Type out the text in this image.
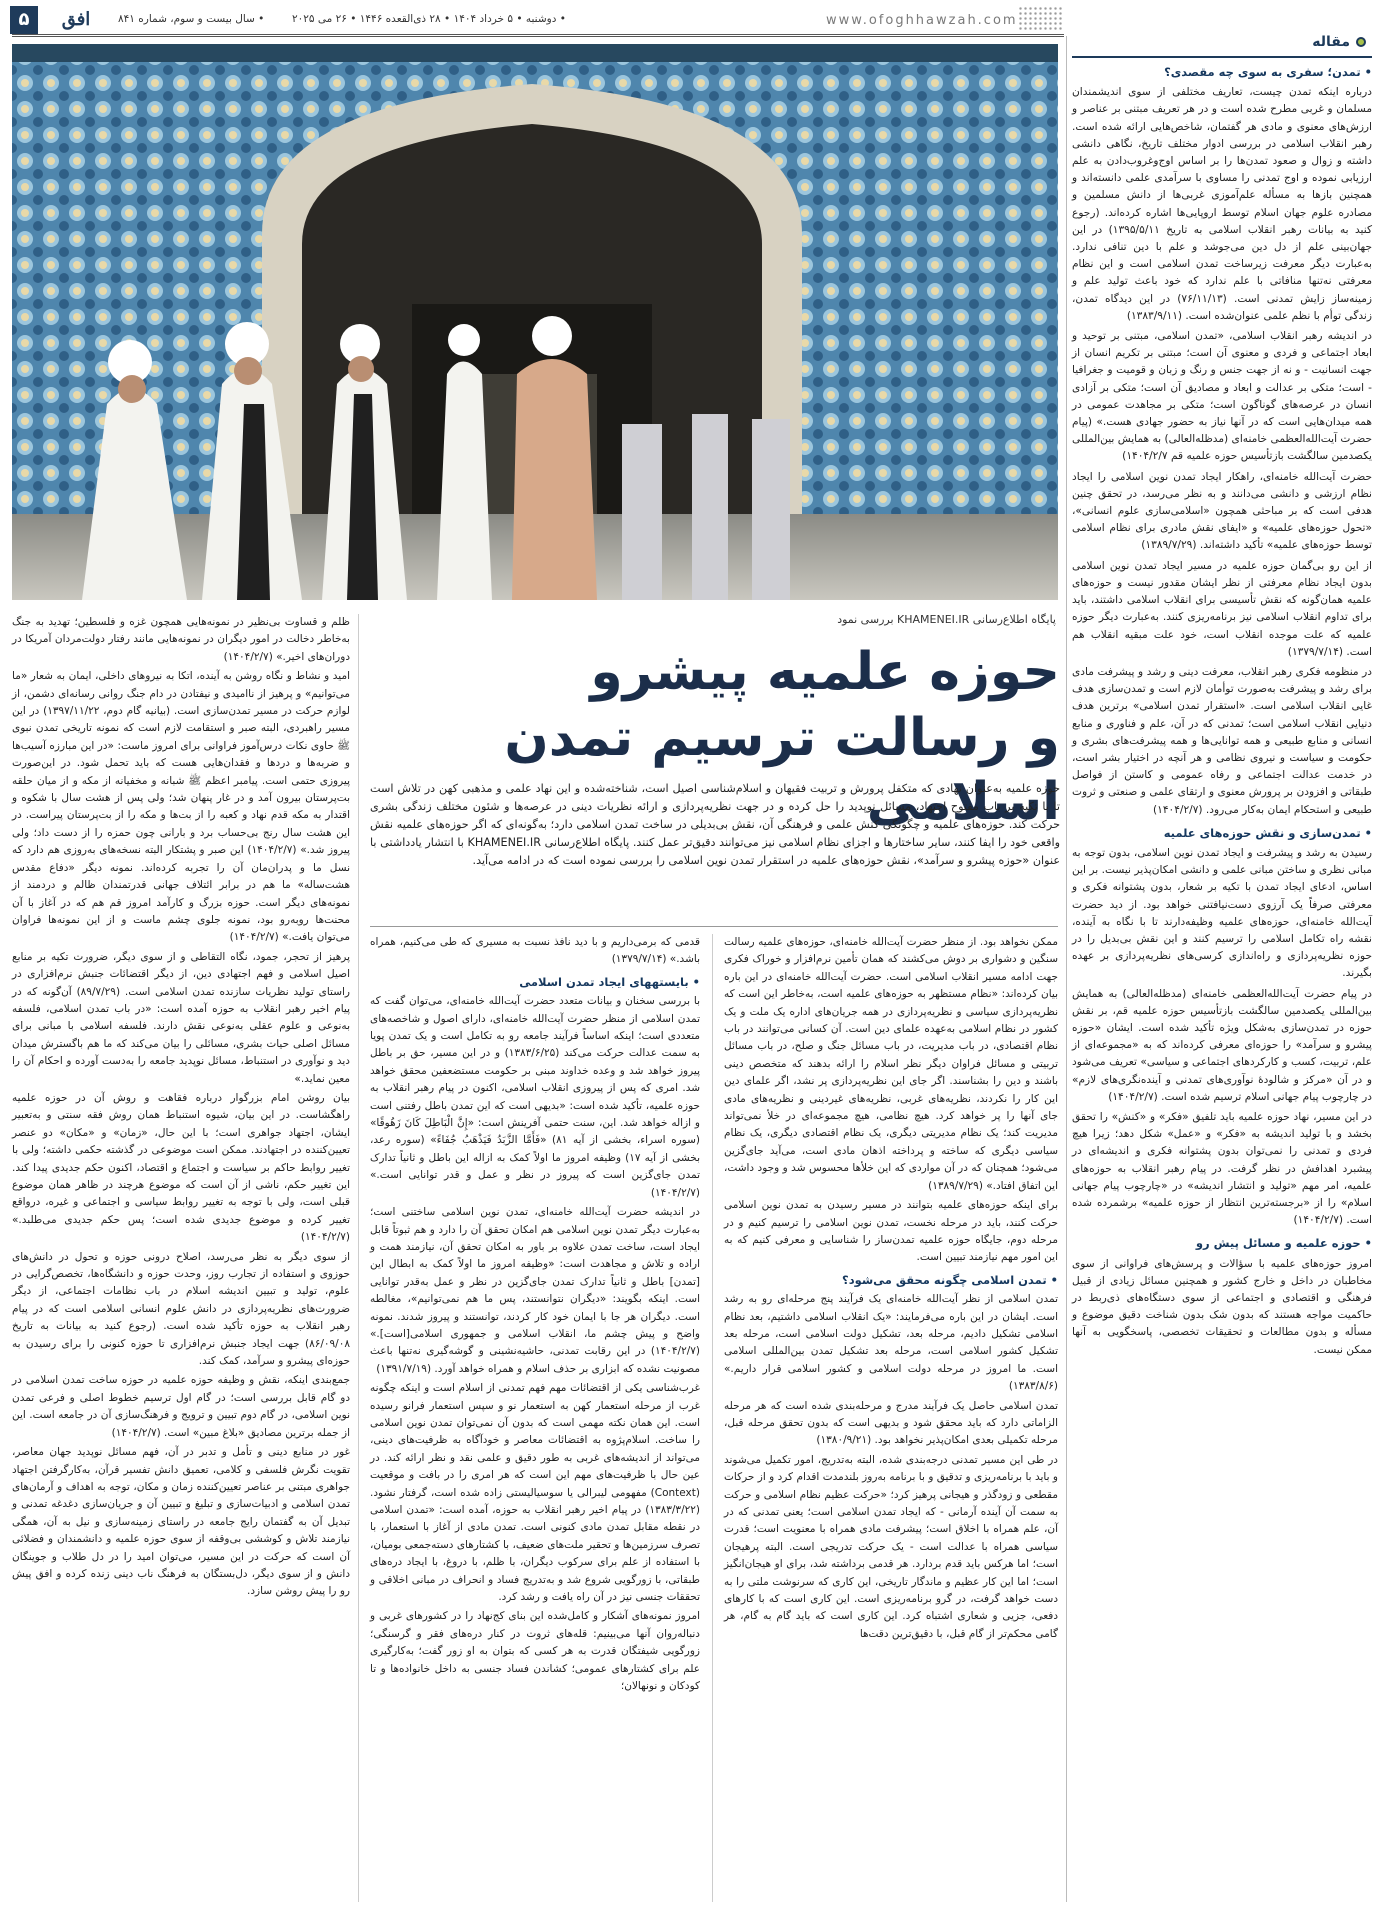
۵	افق	• سال بیست و سوم، شماره ۸۴۱	• دوشنبه • ۵ خرداد ۱۴۰۴ • ۲۸ ذی‌القعده ۱۴۴۶ • ۲۶ می ۲۰۲۵	www.ofoghhawzah.com
مقاله
• تمدن؛ سفری به سوی چه مقصدی؟

درباره اینکه تمدن چیست، تعاریف مختلفی از سوی اندیشمندان مسلمان و غربی مطرح شده است و در هر تعریف مبتنی بر عناصر و ارزش‌های معنوی و مادی هر گفتمان، شاخص‌هایی ارائه شده است. رهبر انقلاب اسلامی در بررسی ادوار مختلف تاریخ، نگاهی دانشی داشته و زوال و صعود تمدن‌ها را بر اساس اوج‌وغروب‌دادن به علم ارزیابی نموده و اوج تمدنی را مساوی با سرآمدی علمی دانسته‌اند و همچنین بازها به مسأله علم‌آموزی غربی‌ها از دانش مسلمین و مصادره علوم جهان اسلام توسط اروپایی‌ها اشاره کرده‌اند. (رجوع کنید به بیانات رهبر انقلاب اسلامی به تاریخ ۱۳۹۵/۵/۱۱) در این جهان‌بینی علم از دل دین می‌جوشد و علم با دین تنافی ندارد. به‌عبارت دیگر معرفت زیرساخت تمدن اسلامی است و این نظام معرفتی نه‌تنها منافاتی با علم ندارد که خود باعث تولید علم و زمینه‌ساز زایش تمدنی است. (۷۶/۱۱/۱۳) در این دیدگاه تمدن، زندگی توأم با نظم علمی عنوان‌شده است. (۱۳۸۳/۹/۱۱)

در اندیشه رهبر انقلاب اسلامی، «تمدن اسلامی، مبتنی بر توحید و ابعاد اجتماعی و فردی و معنوی آن است؛ مبتنی بر تکریم انسان از جهت انسانیت - و نه از جهت جنس و رنگ و زبان و قومیت و جغرافیا - است؛ متکی بر عدالت و ابعاد و مصادیق آن است؛ متکی بر آزادی انسان در عرصه‌های گوناگون است؛ متکی بر مجاهدت عمومی در همه میدان‌هایی است که در آنها نیاز به حضور جهادی هست.» (پیام حضرت آیت‌الله‌العظمی خامنه‌ای (مدظله‌العالی) به همایش بین‌المللی یکصدمین سالگشت بازتأسیس حوزه علمیه قم ۱۴۰۴/۲/۷)

حضرت آیت‌الله خامنه‌ای، راهکار ایجاد تمدن نوین اسلامی را ایجاد نظام ارزشی و دانشی می‌دانند و به نظر می‌رسد، در تحقق چنین هدفی است که بر مباحثی همچون «اسلامی‌سازی علوم انسانی»، «تحول حوزه‌های علمیه» و «ایفای نقش مادری برای نظام اسلامی توسط حوزه‌های علمیه» تأکید داشته‌اند. (۱۳۸۹/۷/۲۹)

از این رو بی‌گمان حوزه علمیه در مسیر ایجاد تمدن نوین اسلامی بدون ایجاد نظام معرفتی از نظر ایشان مقدور نیست و حوزه‌های علمیه همان‌گونه که نقش تأسیسی برای انقلاب اسلامی داشتند، باید برای تداوم انقلاب اسلامی نیز برنامه‌ریزی کنند. به‌عبارت دیگر حوزه علمیه که علت موجده انقلاب است، خود علت مبقیه انقلاب هم است. (۱۳۷۹/۷/۱۴)

در منظومه فکری رهبر انقلاب، معرفت دینی و رشد و پیشرفت مادی برای رشد و پیشرفت به‌صورت توأمان لازم است و تمدن‌سازی هدف غایی انقلاب اسلامی است. «استقرار تمدن اسلامی» برترین هدف دنیایی انقلاب اسلامی است؛ تمدنی که در آن، علم و فناوری و منابع انسانی و منابع طبیعی و همه توانایی‌ها و همه پیشرفت‌های بشری و حکومت و سیاست و نیروی نظامی و هر آنچه در اختیار بشر است، در خدمت عدالت اجتماعی و رفاه عمومی و کاستن از فواصل طبقاتی و افزودن بر پرورش معنوی و ارتقای علمی و صنعتی و ثروت طبیعی و استحکام ایمان به‌کار می‌رود. (۱۴۰۴/۲/۷)

• تمدن‌سازی و نقش حوزه‌های علمیه

رسیدن به رشد و پیشرفت و ایجاد تمدن نوین اسلامی، بدون توجه به مبانی نظری و ساختن مبانی علمی و دانشی امکان‌پذیر نیست. بر این اساس، ادعای ایجاد تمدن با تکیه بر شعار، بدون پشتوانه فکری و معرفتی صرفاً یک آرزوی دست‌نیافتنی خواهد بود. از دید حضرت آیت‌الله خامنه‌ای، حوزه‌های علمیه وظیفه‌دارند تا با نگاه به آینده، نقشه راه تکامل اسلامی را ترسیم کنند و این نقش بی‌بدیل را در حوزه نظریه‌پردازی و راه‌اندازی کرسی‌های نظریه‌پردازی بر عهده بگیرند.

در پیام حضرت آیت‌الله‌العظمی خامنه‌ای (مدظله‌العالی) به همایش بین‌المللی یکصدمین سالگشت بازتأسیس حوزه علمیه قم، بر نقش حوزه در تمدن‌سازی به‌شکل ویژه تأکید شده است. ایشان «حوزه پیشرو و سرآمد» را حوزه‌ای معرفی کرده‌اند که به «مجموعه‌ای از علم، تربیت، کسب و کارکردهای اجتماعی و سیاسی» تعریف می‌شود و در آن «مرکز و شالودۀ نوآوری‌های تمدنی و آینده‌نگری‌های لازم» در چارچوب پیام جهانی اسلام ترسیم شده است. (۱۴۰۴/۲/۷)

در این مسیر، نهاد حوزه علمیه باید تلفیق «فکر» و «کنش» را تحقق بخشد و با تولید اندیشه به «فکر» و «عمل» شکل دهد؛ زیرا هیچ فردی و تمدنی را نمی‌توان بدون پشتوانه فکری و اندیشه‌ای در پیشبرد اهدافش در نظر گرفت. در پیام رهبر انقلاب به حوزه‌های علمیه، امر مهم «تولید و انتشار اندیشه» در «چارچوب پیام جهانی اسلام» را از «برجسته‌ترین انتظار از حوزه علمیه» برشمرده شده است. (۱۴۰۴/۲/۷)

• حوزه علمیه و مسائل پیش رو

امروز حوزه‌های علمیه با سؤالات و پرسش‌های فراوانی از سوی مخاطبان در داخل و خارج کشور و همچنین مسائل زیادی از قبیل فرهنگی و اقتصادی و اجتماعی از سوی دستگاه‌های ذی‌ربط در حاکمیت مواجه هستند که بدون شک بدون شناخت دقیق موضوع و مسأله و بدون مطالعات و تحقیقات تخصصی، پاسخگویی به آنها ممکن نیست.

پایگاه اطلاع‌رسانی KHAMENEI.IR بررسی نمود
حوزه علمیه پیشرو
و رسالت ترسیم تمدن اسلامی
حوزه علمیه به‌عنوان نهادی که متکفل پرورش و تربیت فقیهان و اسلام‌شناسی اصیل است، شناخته‌شده و این نهاد علمی و مذهبی کهن در تلاش است تا با تکیه بر باب مفتوح اجتهاد، مسائل نوپدید را حل کرده و در جهت نظریه‌پردازی و ارائه نظریات دینی در عرصه‌ها و شئون مختلف زندگی بشری حرکت کند. حوزه‌های علمیه و چگونگی کنش علمی و فرهنگی آن، نقش بی‌بدیلی در ساخت تمدن اسلامی دارد؛ به‌گونه‌ای که اگر حوزه‌های علمیه نقش واقعی خود را ایفا کنند، سایر ساختارها و اجزای نظام اسلامی نیز می‌توانند دقیق‌تر عمل کنند. پایگاه اطلاع‌رسانی KHAMENEI.IR با انتشار یادداشتی با عنوان «حوزه پیشرو و سرآمد»، نقش حوزه‌های علمیه در استقرار تمدن نوین اسلامی را بررسی نموده است که در ادامه می‌آید.

ظلم و قساوت بی‌نظیر در نمونه‌هایی همچون غزه و فلسطین؛ تهدید به جنگ به‌خاطر دخالت در امور دیگران در نمونه‌هایی مانند رفتار دولت‌مردان آمریکا در دوران‌های اخیر.» (۱۴۰۴/۲/۷)

امید و نشاط و نگاه روشن به آینده، اتکا به نیروهای داخلی، ایمان به شعار «ما می‌توانیم» و پرهیز از ناامیدی و نیفتادن در دام جنگ روانی رسانه‌ای دشمن، از لوازم حرکت در مسیر تمدن‌سازی است. (بیانیه گام دوم، ۱۳۹۷/۱۱/۲۲) در این مسیر راهبردی، البته صبر و استقامت لازم است که نمونه تاریخی تمدن نبوی ﷺ حاوی نکات درس‌آموز فراوانی برای امروز ماست: «در این مبارزه آسیب‌ها و ضربه‌ها و دردها و فقدان‌هایی هست که باید تحمل شود. در این‌صورت پیروزی حتمی است. پیامبر اعظم ﷺ شبانه و مخفیانه از مکه و از میان حلقه بت‌پرستان بیرون آمد و در غار پنهان شد؛ ولی پس از هشت سال با شکوه و اقتدار به مکه قدم نهاد و کعبه را از بت‌ها و مکه را از بت‌پرستان پیراست. در این هشت سال رنج بی‌حساب برد و بارانی چون حمزه را از دست داد؛ ولی پیروز شد.» (۱۴۰۴/۲/۷) این صبر و پشتکار البته نسخه‌های به‌روزی هم دارد که نسل ما و پدران‌مان آن را تجربه کرده‌اند. نمونه دیگر «دفاع مقدس هشت‌ساله» ما هم در برابر ائتلاف جهانی قدرتمندان ظالم و دردمند از نمونه‌های دیگر است. حوزه بزرگ و کارآمد امروز قم هم که در آغاز با آن محنت‌ها روبه‌رو بود، نمونه جلوی چشم ماست و از این نمونه‌ها فراوان می‌توان یافت.» (۱۴۰۴/۲/۷)

پرهیز از تحجر، جمود، نگاه التقاطی و از سوی دیگر، ضرورت تکیه بر منابع اصیل اسلامی و فهم اجتهادی دین، از دیگر اقتضائات جنبش نرم‌افزاری در راستای تولید نظریات سازنده تمدن اسلامی است. (۸۹/۷/۲۹) آن‌گونه که در پیام اخیر رهبر انقلاب به حوزه آمده است: «در باب تمدن اسلامی، فلسفه به‌نوعی و علوم عقلی به‌نوعی نقش دارند. فلسفه اسلامی با مبانی برای مسائل اصلی حیات بشری، مسائلی را بیان می‌کند که ما هم باگسترش میدان دید و نوآوری در استنباط، مسائل نوپدید جامعه را به‌دست آورده و احکام آن را معین نماید.»

بیان روشن امام بزرگوار درباره فقاهت و روش آن در حوزه علمیه راهگشاست. در این بیان، شیوه استنباط همان روش فقه سنتی و به‌تعبیر ایشان، اجتهاد جواهری است؛ با این حال، «زمان» و «مکان» دو عنصر تعیین‌کننده در اجتهادند. ممکن است موضوعی در گذشته حکمی داشته؛ ولی با تغییر روابط حاکم بر سیاست و اجتماع و اقتصاد، اکنون حکم جدیدی پیدا کند. این تغییر حکم، ناشی از آن است که موضوع هرچند در ظاهر همان موضوع قبلی است، ولی با توجه به تغییر روابط سیاسی و اجتماعی و غیره، درواقع تغییر کرده و موضوع جدیدی شده است؛ پس حکم جدیدی می‌طلبد.» (۱۴۰۴/۲/۷)

از سوی دیگر به نظر می‌رسد، اصلاح درونی حوزه و تحول در دانش‌های حوزوی و استفاده از تجارب روز، وحدت حوزه و دانشگاه‌ها، تخصص‌گرایی در علوم، تولید و تبیین اندیشه اسلام در باب نظامات اجتماعی، از دیگر ضرورت‌های نظریه‌پردازی در دانش علوم انسانی اسلامی است که در پیام رهبر انقلاب به حوزه تأکید شده است. (رجوع کنید به بیانات به تاریخ ۸۶/۰۹/۰۸) جهت ایجاد جنبش نرم‌افزاری تا حوزه کنونی را برای رسیدن به حوزه‌ای پیشرو و سرآمد، کمک کند.

جمع‌بندی اینکه، نقش و وظیفه حوزه علمیه در حوزه ساخت تمدن اسلامی در دو گام قابل بررسی است؛ در گام اول ترسیم خطوط اصلی و فرعی تمدن نوین اسلامی، در گام دوم تبیین و ترویج و فرهنگ‌سازی آن در جامعه است. این از جمله برترین مصادیق «بلاغ مبین» است. (۱۴۰۴/۲/۷)

غور در منابع دینی و تأمل و تدبر در آن، فهم مسائل نوپدید جهان معاصر، تقویت نگرش فلسفی و کلامی، تعمیق دانش تفسیر قرآن، به‌کارگرفتن اجتهاد جواهری مبتنی بر عناصر تعیین‌کننده زمان و مکان، توجه به اهداف و آرمان‌های تمدن اسلامی و ادبیات‌سازی و تبلیغ و تبیین آن و جریان‌سازی دغدغه تمدنی و تبدیل آن به گفتمان رایج جامعه در راستای زمینه‌سازی و نیل به آن، همگی نیازمند تلاش و کوششی بی‌وقفه از سوی حوزه علمیه و دانشمندان و فضلائی آن است که حرکت در این مسیر، می‌توان امید را در دل طلاب و جوینگان دانش و از سوی دیگر، دل‌بستگان به فرهنگ ناب دینی زنده کرده و افق پیش رو را پیش روشن سازد.

قدمی که برمی‌داریم و با دید نافذ نسبت به مسیری که طی می‌کنیم، همراه باشد.» (۱۳۷۹/۷/۱۴)

• بایستههای ایجاد تمدن اسلامی

با بررسی سخنان و بیانات متعدد حضرت آیت‌الله خامنه‌ای، می‌توان گفت که تمدن اسلامی از منظر حضرت آیت‌الله خامنه‌ای، دارای اصول و شاخصه‌های متعددی است؛ اینکه اساساً فرآیند جامعه رو به تکامل است و یک تمدن پویا به سمت عدالت حرکت می‌کند (۱۳۸۳/۶/۲۵) و در این مسیر، حق بر باطل پیروز خواهد شد و وعده خداوند مبنی بر حکومت مستضعفین محقق خواهد شد. امری که پس از پیروزی انقلاب اسلامی، اکنون در پیام رهبر انقلاب به حوزه علمیه، تأکید شده است: «بدیهی است که این تمدن باطل رفتنی است و ازاله خواهد شد. این، سنت حتمی آفرینش است: «إِنَّ الْبَاطِلَ كَانَ زَهُوقًا» (سوره اسراء، بخشی از آیه ۸۱) «فَأَمَّا الزَّبَدُ فَيَذْهَبُ جُفَاءً» (سوره رعد، بخشی از آیه ۱۷) وظیفه امروز ما اولاً کمک به ازاله این باطل و ثانیاً تدارک تمدن جای‌گزین است که پیروز در نظر و عمل و قدر توانایی است.» (۱۴۰۴/۲/۷)

در اندیشه حضرت آیت‌الله خامنه‌ای، تمدن نوین اسلامی ساختنی است؛ به‌عبارت دیگر تمدن نوین اسلامی هم امکان تحقق آن را دارد و هم ثبوتاً قابل ایجاد است، ساخت تمدن علاوه بر باور به امکان تحقق آن، نیازمند همت و اراده و تلاش و مجاهدت است: «وظیفه امروز ما اولاً کمک به ابطال این [تمدن] باطل و ثانیاً تدارک تمدن جای‌گزین در نظر و عمل به‌قدر توانایی است. اینکه بگویند: «دیگران نتوانستند، پس ما هم نمی‌توانیم»، مغالطه است. دیگران هر جا با ایمان خود کار کردند، توانستند و پیروز شدند. نمونه واضح و پیش چشم ما، انقلاب اسلامی و جمهوری اسلامی[است].» (۱۴۰۴/۲/۷) در این رقابت تمدنی، حاشیه‌نشینی و گوشه‌گیری نه‌تنها باعث مصونیت نشده که ابزاری بر حذف اسلام و همراه خواهد آورد. (۱۳۹۱/۷/۱۹)

غرب‌شناسی یکی از اقتضائات مهم فهم تمدنی از اسلام است و اینکه چگونه غرب از مرحله استعمار کهن به استعمار نو و سپس استعمار فرانو رسیده است. این همان نکته مهمی است که بدون آن نمی‌توان تمدن نوین اسلامی را ساخت. اسلام‌پژوه به اقتضائات معاصر و خودآگاه به ظرفیت‌های دینی، می‌تواند از اندیشه‌های غربی به طور دقیق و علمی نقد و نظر ارائه کند. در عین حال با ظرفیت‌های مهم این است که هر امری را در بافت و موقعیت (Context) مفهومی لیبرالی یا سوسیالیستی زاده شده است، گرفتار نشود. (۱۳۸۳/۳/۲۲) در پیام اخیر رهبر انقلاب به حوزه، آمده است: «تمدن اسلامی در نقطه مقابل تمدن مادی کنونی است. تمدن مادی از آغاز با استعمار، با تصرف سرزمین‌ها و تحقیر ملت‌های ضعیف، با کشتارهای دسته‌جمعی بومیان، با استفاده از علم برای سرکوب دیگران، با ظلم، با دروغ، با ایجاد دره‌های طبقاتی، با زورگویی شروع شد و به‌تدریج فساد و انحراف در مبانی اخلاقی و تحققات جنسی نیز در آن راه یافت و رشد کرد.

امروز نمونه‌های آشکار و کامل‌شده این بنای کج‌نهاد را در کشورهای غربی و دنباله‌روان آنها می‌بینیم: قله‌های ثروت در کنار دره‌های فقر و گرسنگی؛ زورگویی شیفتگان قدرت به هر کسی که بتوان به او زور گفت؛ به‌کارگیری علم برای کشتارهای عمومی؛ کشاندن فساد جنسی به داخل خانواده‌ها و تا کودکان و نونهالان؛

ممکن نخواهد بود. از منظر حضرت آیت‌الله خامنه‌ای، حوزه‌های علمیه رسالت سنگین و دشواری بر دوش می‌کشند که همان تأمین نرم‌افزار و خوراک فکری جهت ادامه مسیر انقلاب اسلامی است. حضرت آیت‌الله خامنه‌ای در این باره بیان کرده‌اند: «نظام مستظهر به حوزه‌های علمیه است، به‌خاطر این است که نظریه‌پردازی سیاسی و نظریه‌پردازی در همه جریان‌های اداره یک ملت و یک کشور در نظام اسلامی به‌عهده علمای دین است. آن کسانی می‌توانند در باب نظام اقتصادی، در باب مدیریت، در باب مسائل جنگ و صلح، در باب مسائل تربیتی و مسائل فراوان دیگر نظر اسلام را ارائه بدهند که متخصص دینی باشند و دین را بشناسند. اگر جای این نظریه‌پردازی پر نشد، اگر علمای دین این کار را نکردند، نظریه‌های غربی، نظریه‌های غیردینی و نظریه‌های مادی جای آنها را پر خواهد کرد. هیچ نظامی، هیچ مجموعه‌ای در خلأ نمی‌تواند مدیریت کند؛ یک نظام مدیریتی دیگری، یک نظام اقتصادی دیگری، یک نظام سیاسی دیگری که ساخته و پرداخته اذهان مادی است، می‌آید جای‌گزین می‌شود؛ همچنان که در آن مواردی که این خلأها محسوس شد و وجود داشت، این اتفاق افتاد.» (۱۳۸۹/۷/۲۹)

برای اینکه حوزه‌های علمیه بتوانند در مسیر رسیدن به تمدن نوین اسلامی حرکت کنند، باید در مرحله نخست، تمدن نوین اسلامی را ترسیم کنیم و در مرحله دوم، جایگاه حوزه علمیه تمدن‌ساز را شناسایی و معرفی کنیم که به این امور مهم نیازمند تبیین است.

• تمدن اسلامی چگونه محقق می‌شود؟

تمدن اسلامی از نظر آیت‌الله خامنه‌ای یک فرآیند پنج مرحله‌ای رو به رشد است. ایشان در این باره می‌فرمایند: «یک انقلاب اسلامی داشتیم، بعد نظام اسلامی تشکیل دادیم، مرحله بعد، تشکیل دولت اسلامی است، مرحله بعد تشکیل کشور اسلامی است، مرحله بعد تشکیل تمدن بین‌المللی اسلامی است. ما امروز در مرحله دولت اسلامی و کشور اسلامی قرار داریم.» (۱۳۸۳/۸/۶)

تمدن اسلامی حاصل یک فرآیند مدرج و مرحله‌بندی شده است که هر مرحله الزاماتی دارد که باید محقق شود و بدیهی است که بدون تحقق مرحله قبل، مرحله تکمیلی بعدی امکان‌پذیر نخواهد بود. (۱۳۸۰/۹/۲۱)

در طی این مسیر تمدنی درجه‌بندی شده، البته به‌تدریج، امور تکمیل می‌شوند و باید با برنامه‌ریزی و تدقیق و با برنامه به‌روز بلندمدت اقدام کرد و از حرکات مقطعی و زودگذر و هیجانی پرهیز کرد؛ «حرکت عظیم نظام اسلامی و حرکت به سمت آن آینده آرمانی - که ایجاد تمدن اسلامی است؛ یعنی تمدنی که در آن، علم همراه با اخلاق است؛ پیشرفت مادی همراه با معنویت است؛ قدرت سیاسی همراه با عدالت است - یک حرکت تدریجی است. البته پرهیجان است؛ اما هرکس باید قدم بردارد. هر قدمی برداشته شد، برای او هیجان‌انگیز است؛ اما این کار عظیم و ماندگار تاریخی، این کاری که سرنوشت ملتی را به دست خواهد گرفت، در گرو برنامه‌ریزی است. این کاری است که با کارهای دفعی، جزیی و شعاری اشتباه کرد. این کاری است که باید گام به گام، هر گامی محکم‌تر از گام قبل، با دقیق‌ترین دقت‌ها
